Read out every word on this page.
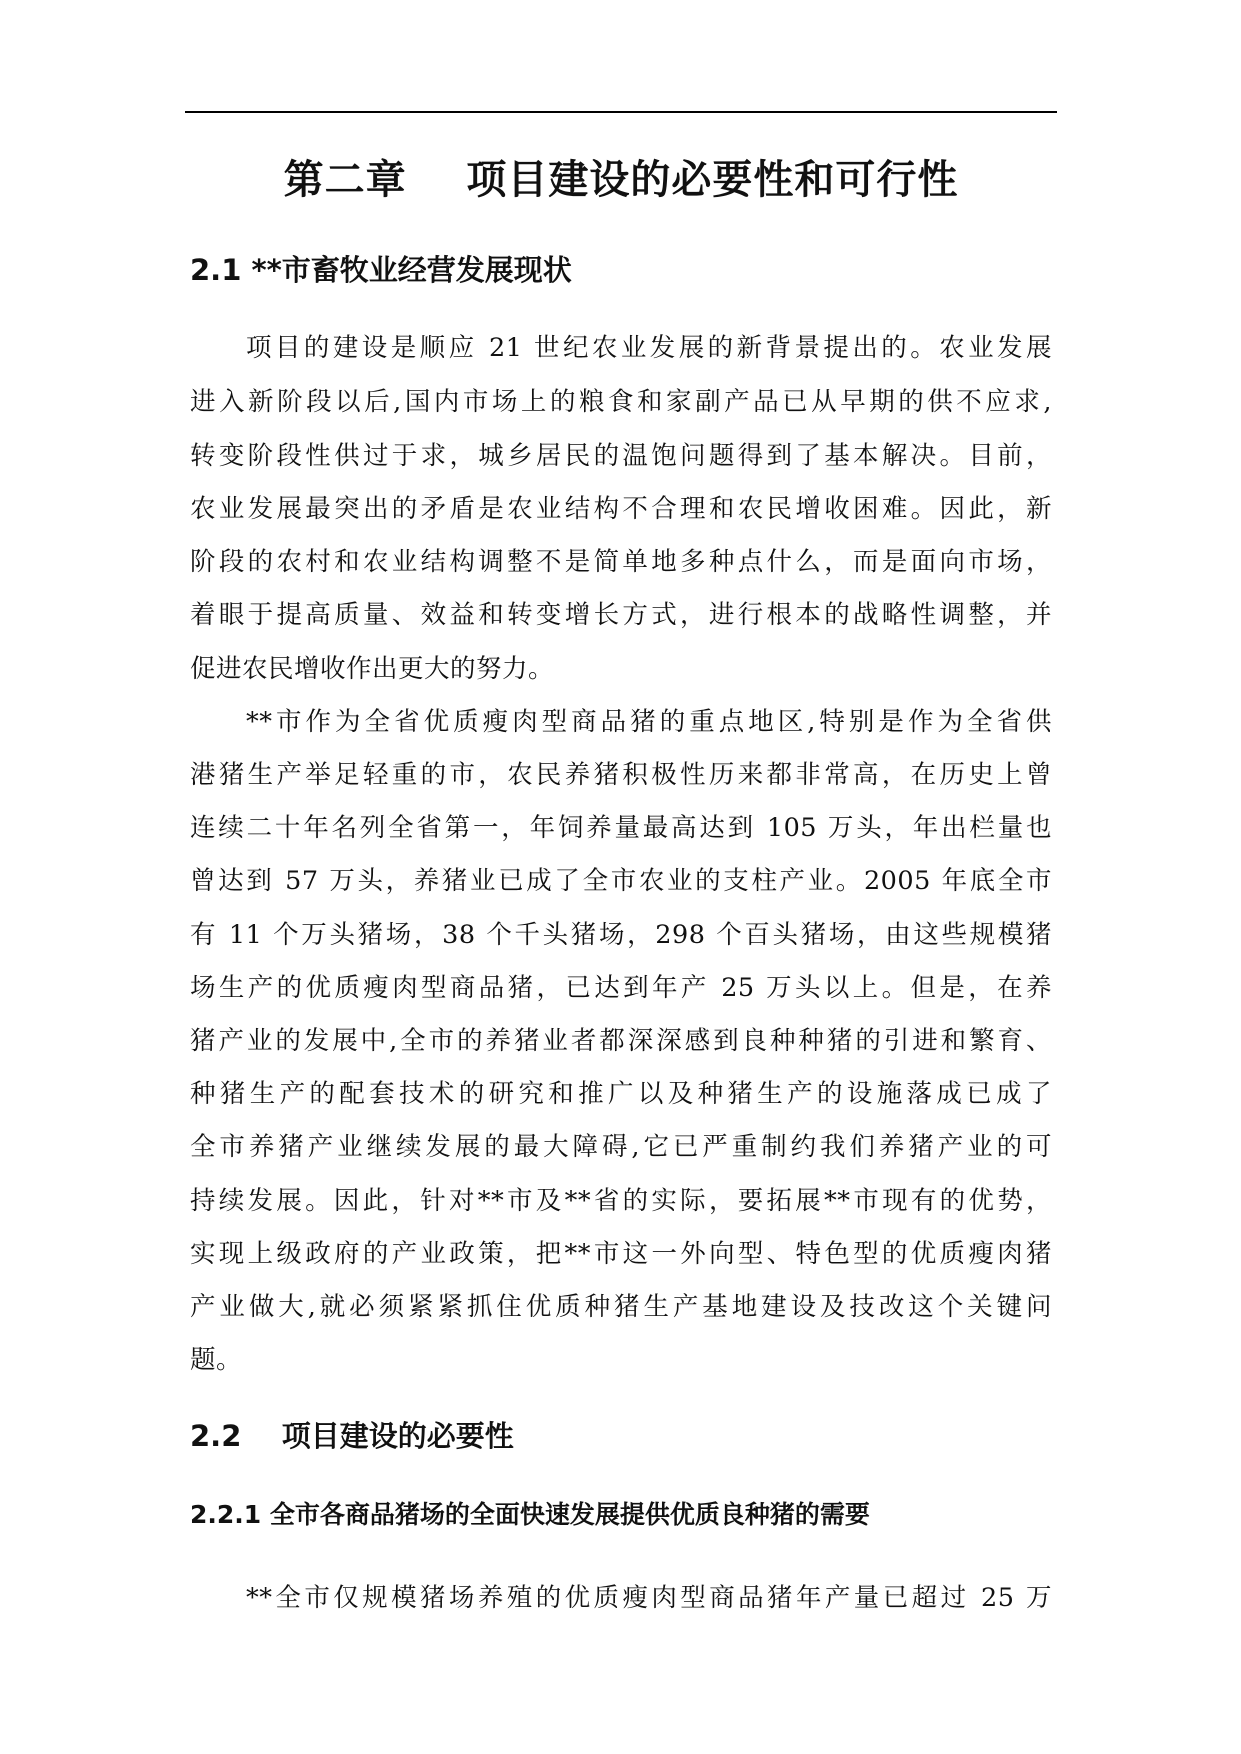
第二章    项目建设的必要性和可行性
2.1 **市畜牧业经营发展现状
项目的建设是顺应 21 世纪农业发展的新背景提出的。农业发展
进入新阶段以后,国内市场上的粮食和家副产品已从早期的供不应求,
转变阶段性供过于求，城乡居民的温饱问题得到了基本解决。目前，
农业发展最突出的矛盾是农业结构不合理和农民增收困难。因此，新
阶段的农村和农业结构调整不是简单地多种点什么，而是面向市场，
着眼于提高质量、效益和转变增长方式，进行根本的战略性调整，并
促进农民增收作出更大的努力。
**市作为全省优质瘦肉型商品猪的重点地区,特别是作为全省供
港猪生产举足轻重的市，农民养猪积极性历来都非常高，在历史上曾
连续二十年名列全省第一，年饲养量最高达到 105 万头，年出栏量也
曾达到 57 万头，养猪业已成了全市农业的支柱产业。2005 年底全市
有 11 个万头猪场，38 个千头猪场，298 个百头猪场，由这些规模猪
场生产的优质瘦肉型商品猪，已达到年产 25 万头以上。但是，在养
猪产业的发展中,全市的养猪业者都深深感到良种种猪的引进和繁育、
种猪生产的配套技术的研究和推广以及种猪生产的设施落成已成了
全市养猪产业继续发展的最大障碍,它已严重制约我们养猪产业的可
持续发展。因此，针对**市及**省的实际，要拓展**市现有的优势，
实现上级政府的产业政策，把**市这一外向型、特色型的优质瘦肉猪
产业做大,就必须紧紧抓住优质种猪生产基地建设及技改这个关键问
题。
2.2    项目建设的必要性
2.2.1 全市各商品猪场的全面快速发展提供优质良种猪的需要
**全市仅规模猪场养殖的优质瘦肉型商品猪年产量已超过 25 万
